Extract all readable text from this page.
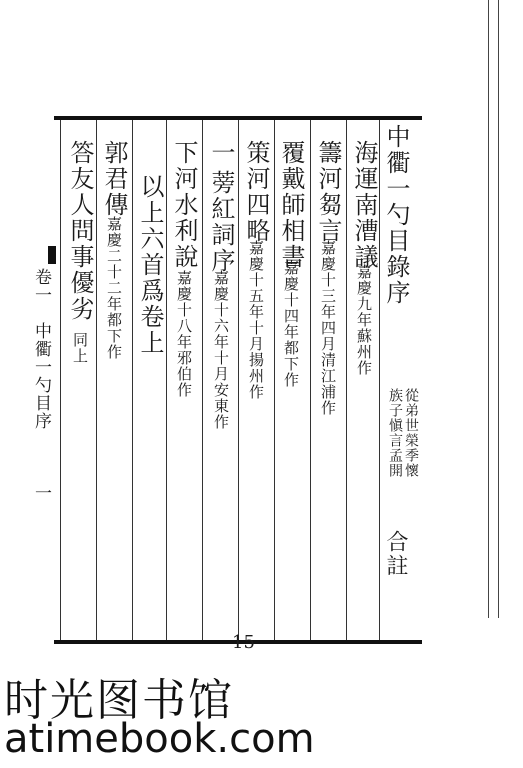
中衢一勺目錄序
從弟世榮季懷
族子愼言孟開
合註
海運南漕議
嘉慶九年蘇州作
籌河芻言
嘉慶十三年四月清江浦作
覆戴師相書
嘉慶十四年都下作
策河四略
嘉慶十五年十月揚州作
一
蒡紅詞序
嘉慶十六年十月安東作
下河水利說
嘉慶十八年邪伯作
以上六首爲卷上
郭君傳
嘉慶二十二年都下作
答友人問事優劣
同上
卷一　中衢一勺目序　　　一
15
时光图书馆
atimebook.com
